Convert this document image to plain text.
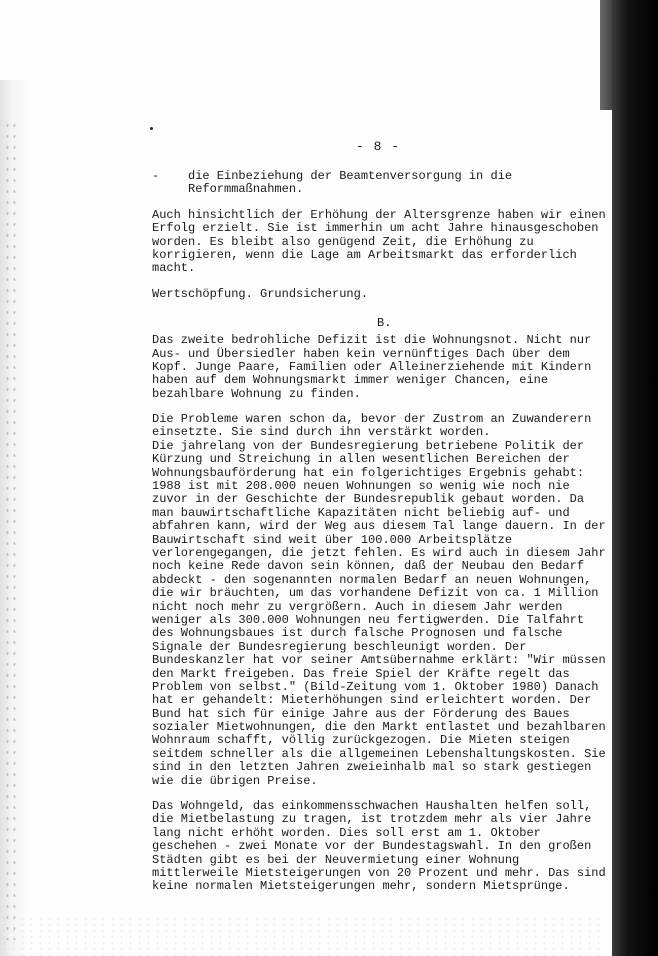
- 8 -
B.
-    die Einbeziehung der Beamtenversorgung in die
Reformmaßnahmen.
Auch hinsichtlich der Erhöhung der Altersgrenze haben wir einen
Erfolg erzielt. Sie ist immerhin um acht Jahre hinausgeschoben
worden. Es bleibt also genügend Zeit, die Erhöhung zu
korrigieren, wenn die Lage am Arbeitsmarkt das erforderlich
macht.
Wertschöpfung. Grundsicherung.
Das zweite bedrohliche Defizit ist die Wohnungsnot. Nicht nur
Aus- und Übersiedler haben kein vernünftiges Dach über dem
Kopf. Junge Paare, Familien oder Alleinerziehende mit Kindern
haben auf dem Wohnungsmarkt immer weniger Chancen, eine
bezahlbare Wohnung zu finden.
Die Probleme waren schon da, bevor der Zustrom an Zuwanderern
einsetzte. Sie sind durch ihn verstärkt worden.
Die jahrelang von der Bundesregierung betriebene Politik der
Kürzung und Streichung in allen wesentlichen Bereichen der
Wohnungsbauförderung hat ein folgerichtiges Ergebnis gehabt:
1988 ist mit 208.000 neuen Wohnungen so wenig wie noch nie
zuvor in der Geschichte der Bundesrepublik gebaut worden. Da
man bauwirtschaftliche Kapazitäten nicht beliebig auf- und
abfahren kann, wird der Weg aus diesem Tal lange dauern. In der
Bauwirtschaft sind weit über 100.000 Arbeitsplätze
verlorengegangen, die jetzt fehlen. Es wird auch in diesem Jahr
noch keine Rede davon sein können, daß der Neubau den Bedarf
abdeckt - den sogenannten normalen Bedarf an neuen Wohnungen,
die wir bräuchten, um das vorhandene Defizit von ca. 1 Million
nicht noch mehr zu vergrößern. Auch in diesem Jahr werden
weniger als 300.000 Wohnungen neu fertigwerden. Die Talfahrt
des Wohnungsbaues ist durch falsche Prognosen und falsche
Signale der Bundesregierung beschleunigt worden. Der
Bundeskanzler hat vor seiner Amtsübernahme erklärt: "Wir müssen
den Markt freigeben. Das freie Spiel der Kräfte regelt das
Problem von selbst." (Bild-Zeitung vom 1. Oktober 1980) Danach
hat er gehandelt: Mieterhöhungen sind erleichtert worden. Der
Bund hat sich für einige Jahre aus der Förderung des Baues
sozialer Mietwohnungen, die den Markt entlastet und bezahlbaren
Wohnraum schafft, völlig zurückgezogen. Die Mieten steigen
seitdem schneller als die allgemeinen Lebenshaltungskosten. Sie
sind in den letzten Jahren zweieinhalb mal so stark gestiegen
wie die übrigen Preise.
Das Wohngeld, das einkommensschwachen Haushalten helfen soll,
die Mietbelastung zu tragen, ist trotzdem mehr als vier Jahre
lang nicht erhöht worden. Dies soll erst am 1. Oktober
geschehen - zwei Monate vor der Bundestagswahl. In den großen
Städten gibt es bei der Neuvermietung einer Wohnung
mittlerweile Mietsteigerungen von 20 Prozent und mehr. Das sind
keine normalen Mietsteigerungen mehr, sondern Mietsprünge.
